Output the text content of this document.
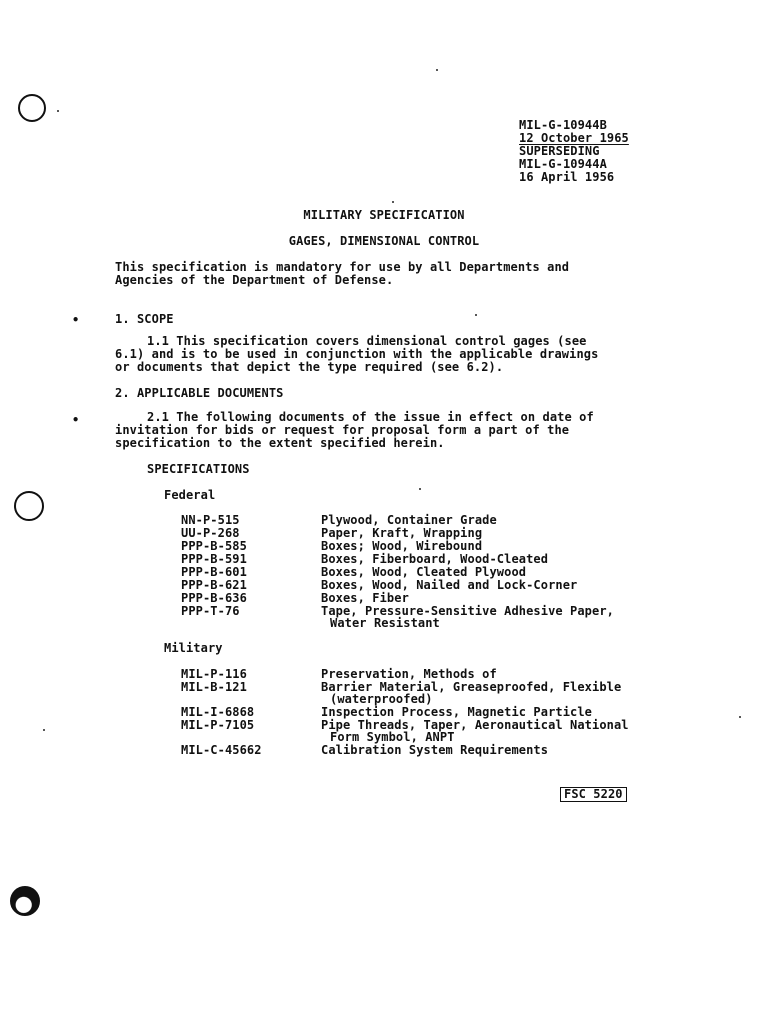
MIL-G-10944B
12 October 1965
SUPERSEDING
MIL-G-10944A
16 April 1956
MILITARY SPECIFICATION
GAGES, DIMENSIONAL CONTROL
This specification is mandatory for use by all Departments and
Agencies of the Department of Defense.
•	1. SCOPE
1.1 This specification covers dimensional control gages (see
6.1) and is to be used in conjunction with the applicable drawings
or documents that depict the type required (see 6.2).
2. APPLICABLE DOCUMENTS
•	2.1 The following documents of the issue in effect on date of
invitation for bids or request for proposal form a part of the
specification to the extent specified herein.
SPECIFICATIONS
Federal
NN-P-515	Plywood, Container Grade
UU-P-268	Paper, Kraft, Wrapping
PPP-B-585	Boxes; Wood, Wirebound
PPP-B-591	Boxes, Fiberboard, Wood-Cleated
PPP-B-601	Boxes, Wood, Cleated Plywood
PPP-B-621	Boxes, Wood, Nailed and Lock-Corner
PPP-B-636	Boxes, Fiber
PPP-T-76	Tape, Pressure-Sensitive Adhesive Paper,
Water Resistant
Military
MIL-P-116	Preservation, Methods of
MIL-B-121	Barrier Material, Greaseproofed, Flexible
(waterproofed)
MIL-I-6868	Inspection Process, Magnetic Particle
MIL-P-7105	Pipe Threads, Taper, Aeronautical National
Form Symbol, ANPT
MIL-C-45662	Calibration System Requirements
FSC 5220
